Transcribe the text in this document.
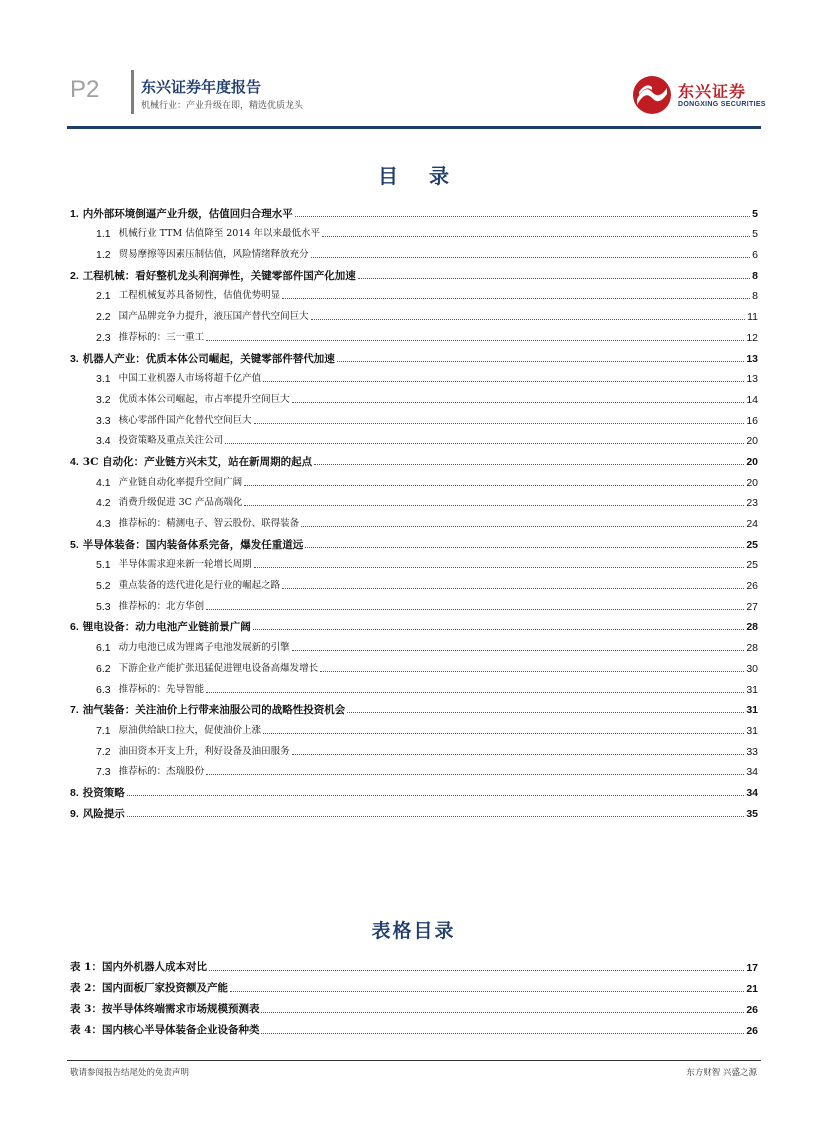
P2	东兴证券年度报告
机械行业：产业升级在即，精选优质龙头
东兴证券
DONGXING SECURITIES
目 录
1. 内外部环境倒逼产业升级，估值回归合理水平	5
1.1 机械行业 TTM 估值降至 2014 年以来最低水平	5
1.2 贸易摩擦等因素压制估值，风险情绪释放充分	6
2. 工程机械：看好整机龙头利润弹性，关键零部件国产化加速	8
2.1 工程机械复苏具备韧性，估值优势明显	8
2.2 国产品牌竞争力提升，液压国产替代空间巨大	11
2.3 推荐标的：三一重工	12
3. 机器人产业：优质本体公司崛起，关键零部件替代加速	13
3.1 中国工业机器人市场将超千亿产值	13
3.2 优质本体公司崛起，市占率提升空间巨大	14
3.3 核心零部件国产化替代空间巨大	16
3.4 投资策略及重点关注公司	20
4. 3C 自动化：产业链方兴未艾，站在新周期的起点	20
4.1 产业链自动化率提升空间广阔	20
4.2 消费升级促进 3C 产品高端化	23
4.3 推荐标的：精测电子、智云股份、联得装备	24
5. 半导体装备：国内装备体系完备，爆发任重道远	25
5.1 半导体需求迎来新一轮增长周期	25
5.2 重点装备的迭代进化是行业的崛起之路	26
5.3 推荐标的：北方华创	27
6. 锂电设备：动力电池产业链前景广阔	28
6.1 动力电池已成为锂离子电池发展新的引擎	28
6.2 下游企业产能扩张迅猛促进锂电设备高爆发增长	30
6.3 推荐标的：先导智能	31
7. 油气装备：关注油价上行带来油服公司的战略性投资机会	31
7.1 原油供给缺口拉大，促使油价上涨	31
7.2 油田资本开支上升，利好设备及油田服务	33
7.3 推荐标的：杰瑞股份	34
8. 投资策略	34
9. 风险提示	35
表格目录
表 1：国内外机器人成本对比	17
表 2：国内面板厂家投资额及产能	21
表 3：按半导体终端需求市场规模预测表	26
表 4：国内核心半导体装备企业设备种类	26
敬请参阅报告结尾处的免责声明	东方财智 兴盛之源
